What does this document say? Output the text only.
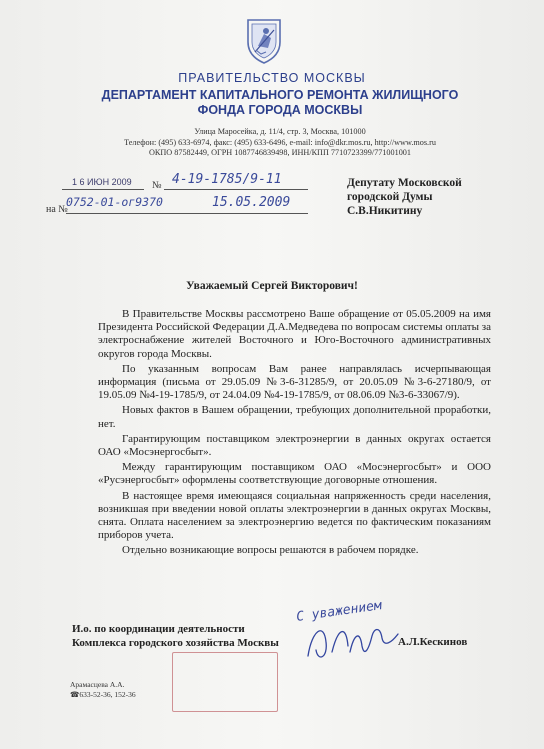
ПРАВИТЕЛЬСТВО МОСКВЫ
ДЕПАРТАМЕНТ КАПИТАЛЬНОГО РЕМОНТА ЖИЛИЩНОГО
ФОНДА ГОРОДА МОСКВЫ
Улица Маросейка, д. 11/4, стр. 3, Москва, 101000
Телефон: (495) 633-6974, факс: (495) 633-6496, e-mail: info@dkr.mos.ru, http://www.mos.ru
ОКПО 87582449, ОГРН 1087746839498, ИНН/КПП 7710723399/771001001
1 6 ИЮН 2009 № 4-19-1785/9-11
на №
0752-01-ог9370	15.05.2009
Депутату Московской
городской Думы
С.В.Никитину
Уважаемый Сергей Викторович!

В Правительстве Москвы рассмотрено Ваше обращение от 05.05.2009 на имя Президента Российской Федерации Д.А.Медведева по вопросам системы оплаты за электроснабжение жителей Восточного и Юго-Восточного административных округов города Москвы.

По указанным вопросам Вам ранее направлялась исчерпывающая информация (письма от 29.05.09 №3-6-31285/9, от 20.05.09 №3-6-27180/9, от 19.05.09 №4-19-1785/9, от 24.04.09 №4-19-1785/9, от 08.06.09 №3-6-33067/9).

Новых фактов в Вашем обращении, требующих дополнительной проработки, нет.

Гарантирующим поставщиком электроэнергии в данных округах остается ОАО «Мосэнергосбыт».

Между гарантирующим поставщиком ОАО «Мосэнергосбыт» и ООО «Русэнергосбыт» оформлены соответствующие договорные отношения.

В настоящее время имеющаяся социальная напряженность среди населения, возникшая при введении новой оплаты электроэнергии в данных округах Москвы, снята. Оплата населением за электроэнергию ведется по фактическим показаниям приборов учета.

Отдельно возникающие вопросы решаются в рабочем порядке.

И.о. по координации деятельности
Комплекса городского хозяйства Москвы
С уважением
А.Л.Кескинов
Арамасцева А.А.
☎633-52-36, 152-36
